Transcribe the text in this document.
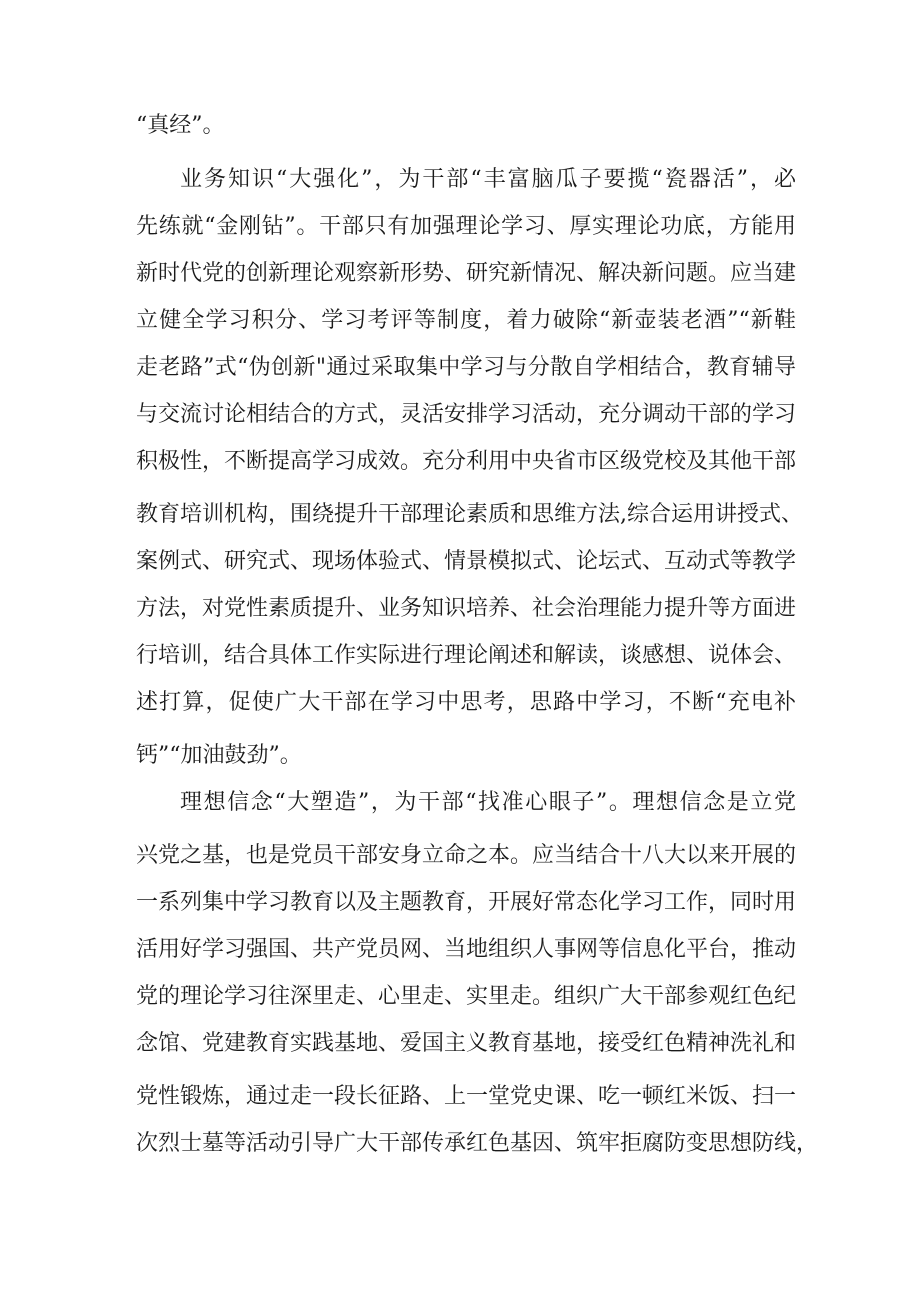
“真经”。
业务知识“大强化”，为干部“丰富脑瓜子要揽“瓷器活”，必
先练就“金刚钻”。干部只有加强理论学习、厚实理论功底，方能用
新时代党的创新理论观察新形势、研究新情况、解决新问题。应当建
立健全学习积分、学习考评等制度，着力破除“新壶装老酒”“新鞋
走老路”式“伪创新"通过采取集中学习与分散自学相结合，教育辅导
与交流讨论相结合的方式，灵活安排学习活动，充分调动干部的学习
积极性，不断提高学习成效。充分利用中央省市区级党校及其他干部
教育培训机构，围绕提升干部理论素质和思维方法,综合运用讲授式、
案例式、研究式、现场体验式、情景模拟式、论坛式、互动式等教学
方法，对党性素质提升、业务知识培养、社会治理能力提升等方面进
行培训，结合具体工作实际进行理论阐述和解读，谈感想、说体会、
述打算，促使广大干部在学习中思考，思路中学习，不断“充电补
钙”“加油鼓劲”。
理想信念“大塑造”，为干部“找准心眼子”。理想信念是立党
兴党之基，也是党员干部安身立命之本。应当结合十八大以来开展的
一系列集中学习教育以及主题教育，开展好常态化学习工作，同时用
活用好学习强国、共产党员网、当地组织人事网等信息化平台，推动
党的理论学习往深里走、心里走、实里走。组织广大干部参观红色纪
念馆、党建教育实践基地、爱国主义教育基地，接受红色精神洗礼和
党性锻炼，通过走一段长征路、上一堂党史课、吃一顿红米饭、扫一
次烈士墓等活动引导广大干部传承红色基因、筑牢拒腐防变思想防线，
